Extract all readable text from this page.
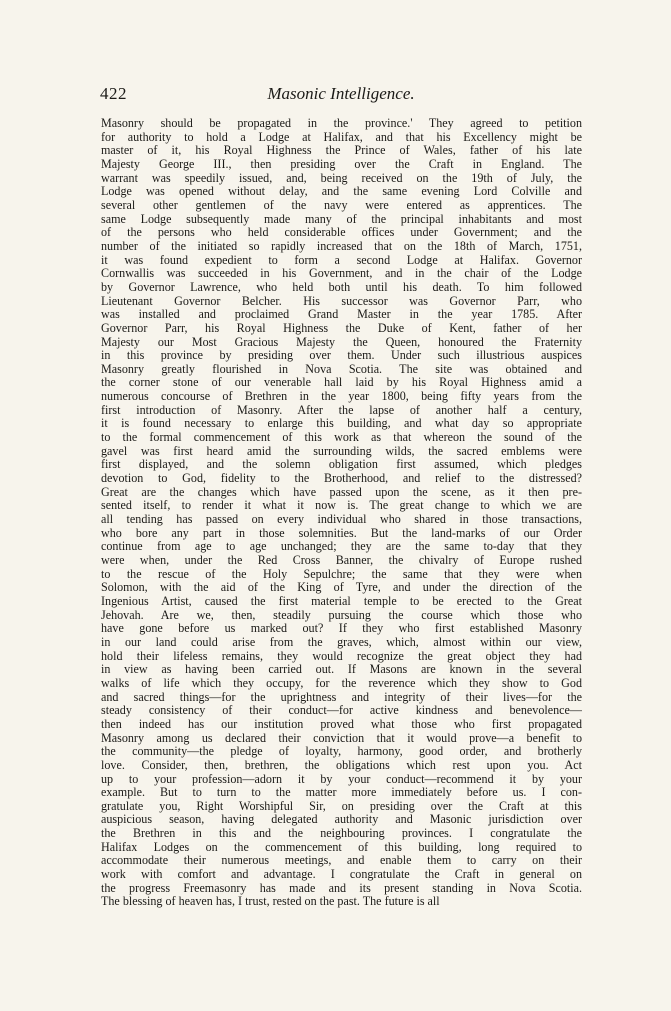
422	Masonic Intelligence.
Masonry should be propagated in the province.' They agreed to petition
for authority to hold a Lodge at Halifax, and that his Excellency might be
master of it, his Royal Highness the Prince of Wales, father of his late
Majesty George III., then presiding over the Craft in England. The
warrant was speedily issued, and, being received on the 19th of July, the
Lodge was opened without delay, and the same evening Lord Colville and
several other gentlemen of the navy were entered as apprentices. The
same Lodge subsequently made many of the principal inhabitants and most
of the persons who held considerable offices under Government; and the
number of the initiated so rapidly increased that on the 18th of March, 1751,
it was found expedient to form a second Lodge at Halifax. Governor
Cornwallis was succeeded in his Government, and in the chair of the Lodge
by Governor Lawrence, who held both until his death. To him followed
Lieutenant Governor Belcher. His successor was Governor Parr, who
was installed and proclaimed Grand Master in the year 1785. After
Governor Parr, his Royal Highness the Duke of Kent, father of her
Majesty our Most Gracious Majesty the Queen, honoured the Fraternity
in this province by presiding over them. Under such illustrious auspices
Masonry greatly flourished in Nova Scotia. The site was obtained and
the corner stone of our venerable hall laid by his Royal Highness amid a
numerous concourse of Brethren in the year 1800, being fifty years from the
first introduction of Masonry. After the lapse of another half a century,
it is found necessary to enlarge this building, and what day so appropriate
to the formal commencement of this work as that whereon the sound of the
gavel was first heard amid the surrounding wilds, the sacred emblems were
first displayed, and the solemn obligation first assumed, which pledges
devotion to God, fidelity to the Brotherhood, and relief to the distressed?
Great are the changes which have passed upon the scene, as it then pre-
sented itself, to render it what it now is. The great change to which we are
all tending has passed on every individual who shared in those transactions,
who bore any part in those solemnities. But the land-marks of our Order
continue from age to age unchanged; they are the same to-day that they
were when, under the Red Cross Banner, the chivalry of Europe rushed
to the rescue of the Holy Sepulchre; the same that they were when
Solomon, with the aid of the King of Tyre, and under the direction of the
Ingenious Artist, caused the first material temple to be erected to the Great
Jehovah. Are we, then, steadily pursuing the course which those who
have gone before us marked out? If they who first established Masonry
in our land could arise from the graves, which, almost within our view,
hold their lifeless remains, they would recognize the great object they had
in view as having been carried out. If Masons are known in the several
walks of life which they occupy, for the reverence which they show to God
and sacred things—for the uprightness and integrity of their lives—for the
steady consistency of their conduct—for active kindness and benevolence—
then indeed has our institution proved what those who first propagated
Masonry among us declared their conviction that it would prove—a benefit to
the community—the pledge of loyalty, harmony, good order, and brotherly
love. Consider, then, brethren, the obligations which rest upon you. Act
up to your profession—adorn it by your conduct—recommend it by your
example. But to turn to the matter more immediately before us. I con-
gratulate you, Right Worshipful Sir, on presiding over the Craft at this
auspicious season, having delegated authority and Masonic jurisdiction over
the Brethren in this and the neighbouring provinces. I congratulate the
Halifax Lodges on the commencement of this building, long required to
accommodate their numerous meetings, and enable them to carry on their
work with comfort and advantage. I congratulate the Craft in general on
the progress Freemasonry has made and its present standing in Nova Scotia.
The blessing of heaven has, I trust, rested on the past. The future is all
